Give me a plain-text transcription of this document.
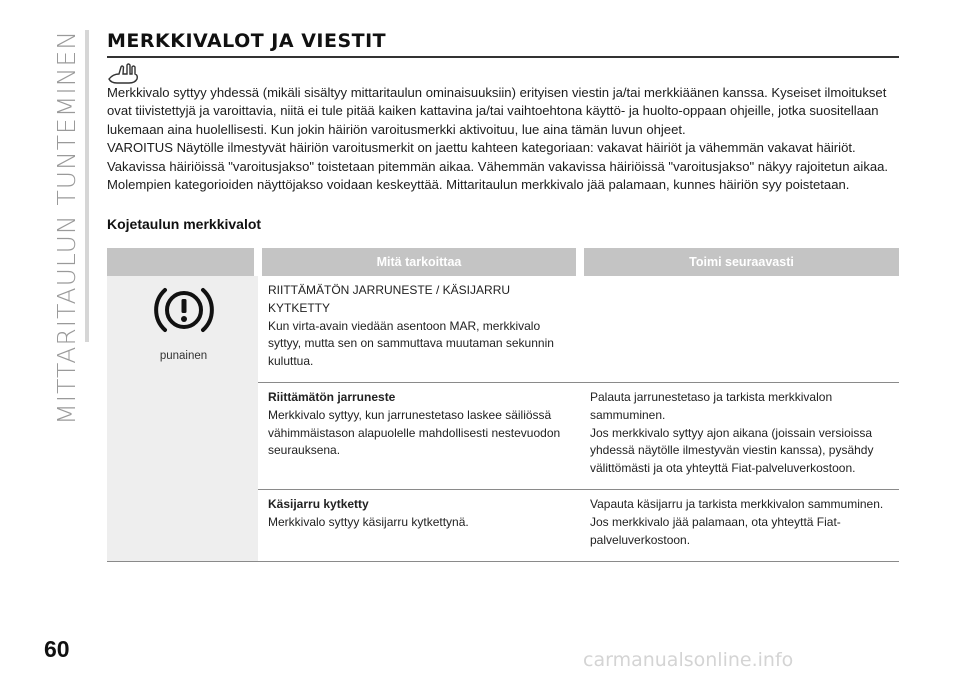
MITTARITAULUN TUNTEMINEN
60	carmanualsonline.info
MERKKIVALOT JA VIESTIT

Merkkivalo syttyy yhdessä (mikäli sisältyy mittaritaulun ominaisuuksiin) erityisen viestin ja/tai merkkiäänen kanssa. Kyseiset ilmoitukset ovat tiivistettyjä ja varoittavia, niitä ei tule pitää kaiken kattavina ja/tai vaihtoehtona käyttö- ja huolto-oppaan ohjeille, jotka suositellaan lukemaan aina huolellisesti. Kun jokin häiriön varoitusmerkki aktivoituu, lue aina tämän luvun ohjeet.

VAROITUS Näytölle ilmestyvät häiriön varoitusmerkit on jaettu kahteen kategoriaan: vakavat häiriöt ja vähemmän vakavat häiriöt. Vakavissa häiriöissä "varoitusjakso" toistetaan pitemmän aikaa. Vähemmän vakavissa häiriöissä "varoitusjakso" näkyy rajoitetun aikaa. Molempien kategorioiden näyttöjakso voidaan keskeyttää. Mittaritaulun merkkivalo jää palamaan, kunnes häiriön syy poistetaan.

Kojetaulun merkkivalot
	Mitä tarkoittaa	Toimi seuraavasti

punainen	RIITTÄMÄTÖN JARRUNESTE / KÄSIJARRU
KYTKETTY
Kun virta-avain viedään asentoon MAR, merkkivalo syttyy, mutta sen on sammuttava muutaman sekunnin kuluttua.	

	Riittämätön jarruneste
Merkkivalo syttyy, kun jarrunestetaso laskee säiliössä vähimmäistason alapuolelle mahdollisesti nestevuodon seurauksena.	Palauta jarrunestetaso ja tarkista merkkivalon sammuminen.
Jos merkkivalo syttyy ajon aikana (joissain versioissa yhdessä näytölle ilmestyvän viestin kanssa), pysähdy välittömästi ja ota yhteyttä Fiat-palveluverkostoon.

	Käsijarru kytketty
Merkkivalo syttyy käsijarru kytkettynä.	Vapauta käsijarru ja tarkista merkkivalon sammuminen.
Jos merkkivalo jää palamaan, ota yhteyttä Fiat-palveluverkostoon.
